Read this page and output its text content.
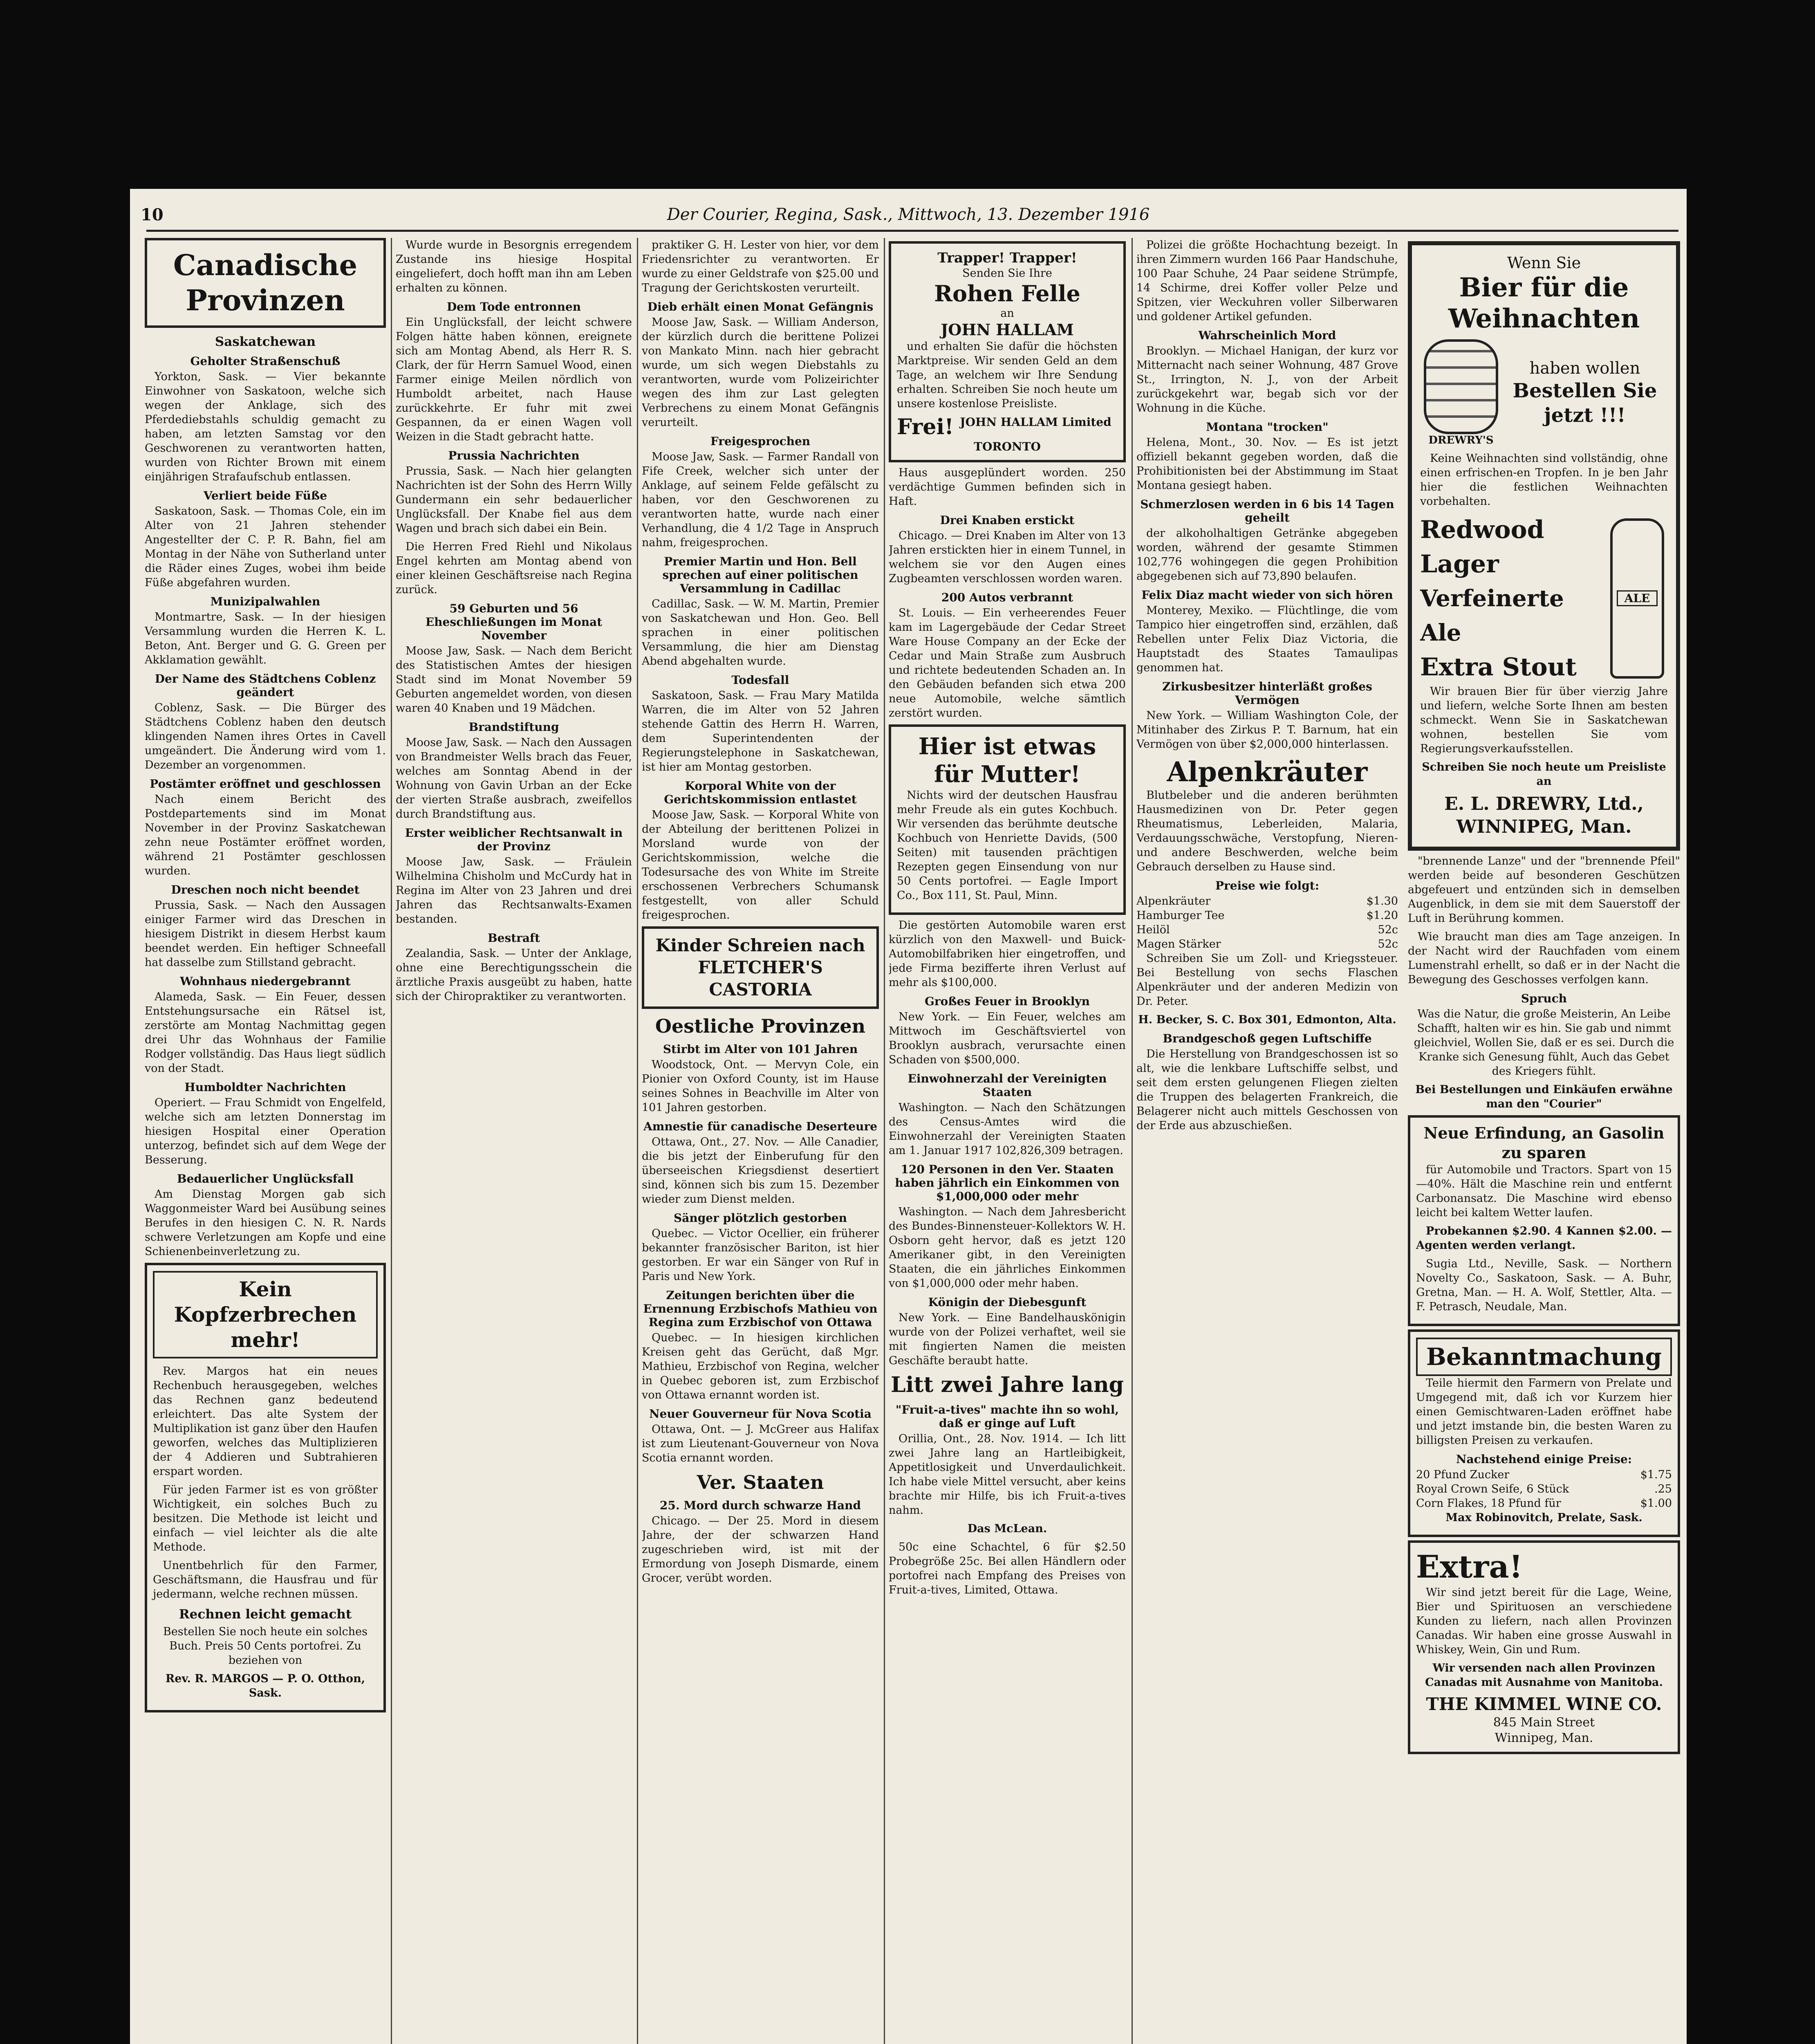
10	Der Courier, Regina, Sask., Mittwoch, 13. Dezember 1916
Canadische Provinzen
Saskatchewan
Geholter Straßenschuß

Yorkton, Sask. — Vier bekannte Einwohner von Saskatoon, welche sich wegen der Anklage, sich des Pferdediebstahls schuldig gemacht zu haben, am letzten Samstag vor den Geschworenen zu verantworten hatten, wurden von Richter Brown mit einem einjährigen Strafaufschub entlassen.

Verliert beide Füße

Saskatoon, Sask. — Thomas Cole, ein im Alter von 21 Jahren stehender Angestellter der C. P. R. Bahn, fiel am Montag in der Nähe von Sutherland unter die Räder eines Zuges, wobei ihm beide Füße abgefahren wurden.

Munizipalwahlen

Montmartre, Sask. — In der hiesigen Versammlung wurden die Herren K. L. Beton, Ant. Berger und G. G. Green per Akklamation gewählt.

Der Name des Städtchens Coblenz geändert

Coblenz, Sask. — Die Bürger des Städtchens Coblenz haben den deutsch klingenden Namen ihres Ortes in Cavell umgeändert. Die Änderung wird vom 1. Dezember an vorgenommen.

Postämter eröffnet und geschlossen

Nach einem Bericht des Postdepartements sind im Monat November in der Provinz Saskatchewan zehn neue Postämter eröffnet worden, während 21 Postämter geschlossen wurden.

Dreschen noch nicht beendet

Prussia, Sask. — Nach den Aussagen einiger Farmer wird das Dreschen in hiesigem Distrikt in diesem Herbst kaum beendet werden. Ein heftiger Schneefall hat dasselbe zum Stillstand gebracht.

Wohnhaus niedergebrannt

Alameda, Sask. — Ein Feuer, dessen Entstehungsursache ein Rätsel ist, zerstörte am Montag Nachmittag gegen drei Uhr das Wohnhaus der Familie Rodger vollständig. Das Haus liegt südlich von der Stadt.

Humboldter Nachrichten

Operiert. — Frau Schmidt von Engelfeld, welche sich am letzten Donnerstag im hiesigen Hospital einer Operation unterzog, befindet sich auf dem Wege der Besserung.

Bedauerlicher Unglücksfall

Am Dienstag Morgen gab sich Waggonmeister Ward bei Ausübung seines Berufes in den hiesigen C. N. R. Nards schwere Verletzungen am Kopfe und eine Schienenbeinverletzung zu.

Kein Kopfzerbrechen mehr!

Rev. Margos hat ein neues Rechenbuch herausgegeben, welches das Rechnen ganz bedeutend erleichtert. Das alte System der Multiplikation ist ganz über den Haufen geworfen, welches das Multiplizieren der 4 Addieren und Subtrahieren erspart worden.

Für jeden Farmer ist es von größter Wichtigkeit, ein solches Buch zu besitzen. Die Methode ist leicht und einfach — viel leichter als die alte Methode.

Unentbehrlich für den Farmer, Geschäftsmann, die Hausfrau und für jedermann, welche rechnen müssen.

Rechnen leicht gemacht

Bestellen Sie noch heute ein solches Buch. Preis 50 Cents portofrei. Zu beziehen von

Rev. R. MARGOS — P. O. Otthon, Sask.

Wurde wurde in Besorgnis erregendem Zustande ins hiesige Hospital eingeliefert, doch hofft man ihn am Leben erhalten zu können.

Dem Tode entronnen

Ein Unglücksfall, der leicht schwere Folgen hätte haben können, ereignete sich am Montag Abend, als Herr R. S. Clark, der für Herrn Samuel Wood, einen Farmer einige Meilen nördlich von Humboldt arbeitet, nach Hause zurückkehrte. Er fuhr mit zwei Gespannen, da er einen Wagen voll Weizen in die Stadt gebracht hatte.

Prussia Nachrichten

Prussia, Sask. — Nach hier gelangten Nachrichten ist der Sohn des Herrn Willy Gundermann ein sehr bedauerlicher Unglücksfall. Der Knabe fiel aus dem Wagen und brach sich dabei ein Bein.

Die Herren Fred Riehl und Nikolaus Engel kehrten am Montag abend von einer kleinen Geschäftsreise nach Regina zurück.

59 Geburten und 56 Eheschließungen im Monat November

Moose Jaw, Sask. — Nach dem Bericht des Statistischen Amtes der hiesigen Stadt sind im Monat November 59 Geburten angemeldet worden, von diesen waren 40 Knaben und 19 Mädchen.

Brandstiftung

Moose Jaw, Sask. — Nach den Aussagen von Brandmeister Wells brach das Feuer, welches am Sonntag Abend in der Wohnung von Gavin Urban an der Ecke der vierten Straße ausbrach, zweifellos durch Brandstiftung aus.

Erster weiblicher Rechtsanwalt in der Provinz

Moose Jaw, Sask. — Fräulein Wilhelmina Chisholm und McCurdy hat in Regina im Alter von 23 Jahren und drei Jahren das Rechtsanwalts-Examen bestanden.

Bestraft

Zealandia, Sask. — Unter der Anklage, ohne eine Berechtigungsschein die ärztliche Praxis ausgeübt zu haben, hatte sich der Chiropraktiker zu verantworten.

praktiker G. H. Lester von hier, vor dem Friedensrichter zu verantworten. Er wurde zu einer Geldstrafe von $25.00 und Tragung der Gerichtskosten verurteilt.

Dieb erhält einen Monat Gefängnis

Moose Jaw, Sask. — William Anderson, der kürzlich durch die berittene Polizei von Mankato Minn. nach hier gebracht wurde, um sich wegen Diebstahls zu verantworten, wurde vom Polizeirichter wegen des ihm zur Last gelegten Verbrechens zu einem Monat Gefängnis verurteilt.

Freigesprochen

Moose Jaw, Sask. — Farmer Randall von Fife Creek, welcher sich unter der Anklage, auf seinem Felde gefälscht zu haben, vor den Geschworenen zu verantworten hatte, wurde nach einer Verhandlung, die 4 1/2 Tage in Anspruch nahm, freigesprochen.

Premier Martin und Hon. Bell sprechen auf einer politischen Versammlung in Cadillac

Cadillac, Sask. — W. M. Martin, Premier von Saskatchewan und Hon. Geo. Bell sprachen in einer politischen Versammlung, die hier am Dienstag Abend abgehalten wurde.

Todesfall

Saskatoon, Sask. — Frau Mary Matilda Warren, die im Alter von 52 Jahren stehende Gattin des Herrn H. Warren, dem Superintendenten der Regierungstelephone in Saskatchewan, ist hier am Montag gestorben.

Korporal White von der Gerichtskommission entlastet

Moose Jaw, Sask. — Korporal White von der Abteilung der berittenen Polizei in Morsland wurde von der Gerichtskommission, welche die Todesursache des von White im Streite erschossenen Verbrechers Schumansk festgestellt, von aller Schuld freigesprochen.

Kinder Schreien nach FLETCHER'S CASTORIA
Oestliche Provinzen
Stirbt im Alter von 101 Jahren

Woodstock, Ont. — Mervyn Cole, ein Pionier von Oxford County, ist im Hause seines Sohnes in Beachville im Alter von 101 Jahren gestorben.

Amnestie für canadische Deserteure

Ottawa, Ont., 27. Nov. — Alle Canadier, die bis jetzt der Einberufung für den überseeischen Kriegsdienst desertiert sind, können sich bis zum 15. Dezember wieder zum Dienst melden.

Sänger plötzlich gestorben

Quebec. — Victor Ocellier, ein früherer bekannter französischer Bariton, ist hier gestorben. Er war ein Sänger von Ruf in Paris und New York.

Zeitungen berichten über die Ernennung Erzbischofs Mathieu von Regina zum Erzbischof von Ottawa

Quebec. — In hiesigen kirchlichen Kreisen geht das Gerücht, daß Mgr. Mathieu, Erzbischof von Regina, welcher in Quebec geboren ist, zum Erzbischof von Ottawa ernannt worden ist.

Neuer Gouverneur für Nova Scotia

Ottawa, Ont. — J. McGreer aus Halifax ist zum Lieutenant-Gouverneur von Nova Scotia ernannt worden.

Ver. Staaten
25. Mord durch schwarze Hand

Chicago. — Der 25. Mord in diesem Jahre, der der schwarzen Hand zugeschrieben wird, ist mit der Ermordung von Joseph Dismarde, einem Grocer, verübt worden.

Trapper! Trapper!
Senden Sie Ihre
Rohen Felle
an
JOHN HALLAM

und erhalten Sie dafür die höchsten Marktpreise. Wir senden Geld an dem Tage, an welchem wir Ihre Sendung erhalten. Schreiben Sie noch heute um unsere kostenlose Preisliste.

Frei! JOHN HALLAM Limited
TORONTO

Haus ausgeplündert worden. 250 verdächtige Gummen befinden sich in Haft.

Drei Knaben erstickt

Chicago. — Drei Knaben im Alter von 13 Jahren erstickten hier in einem Tunnel, in welchem sie vor den Augen eines Zugbeamten verschlossen worden waren.

200 Autos verbrannt

St. Louis. — Ein verheerendes Feuer kam im Lagergebäude der Cedar Street Ware House Company an der Ecke der Cedar und Main Straße zum Ausbruch und richtete bedeutenden Schaden an. In den Gebäuden befanden sich etwa 200 neue Automobile, welche sämtlich zerstört wurden.

Hier ist etwas für Mutter!

Nichts wird der deutschen Hausfrau mehr Freude als ein gutes Kochbuch. Wir versenden das berühmte deutsche Kochbuch von Henriette Davids, (500 Seiten) mit tausenden prächtigen Rezepten gegen Einsendung von nur 50 Cents portofrei. — Eagle Import Co., Box 111, St. Paul, Minn.

Die gestörten Automobile waren erst kürzlich von den Maxwell- und Buick-Automobilfabriken hier eingetroffen, und jede Firma bezifferte ihren Verlust auf mehr als $100,000.

Großes Feuer in Brooklyn

New York. — Ein Feuer, welches am Mittwoch im Geschäftsviertel von Brooklyn ausbrach, verursachte einen Schaden von $500,000.

Einwohnerzahl der Vereinigten Staaten

Washington. — Nach den Schätzungen des Census-Amtes wird die Einwohnerzahl der Vereinigten Staaten am 1. Januar 1917 102,826,309 betragen.

120 Personen in den Ver. Staaten haben jährlich ein Einkommen von $1,000,000 oder mehr

Washington. — Nach dem Jahresbericht des Bundes-Binnensteuer-Kollektors W. H. Osborn geht hervor, daß es jetzt 120 Amerikaner gibt, in den Vereinigten Staaten, die ein jährliches Einkommen von $1,000,000 oder mehr haben.

Königin der Diebesgunft

New York. — Eine Bandelhauskönigin wurde von der Polizei verhaftet, weil sie mit fingierten Namen die meisten Geschäfte beraubt hatte.

Litt zwei Jahre lang
"Fruit-a-tives" machte ihn so wohl, daß er ginge auf Luft

Orillia, Ont., 28. Nov. 1914. — Ich litt zwei Jahre lang an Hartleibigkeit, Appetitlosigkeit und Unverdaulichkeit. Ich habe viele Mittel versucht, aber keins brachte mir Hilfe, bis ich Fruit-a-tives nahm.

Das McLean.

50c eine Schachtel, 6 für $2.50 Probegröße 25c. Bei allen Händlern oder portofrei nach Empfang des Preises von Fruit-a-tives, Limited, Ottawa.

Polizei die größte Hochachtung bezeigt. In ihren Zimmern wurden 166 Paar Handschuhe, 100 Paar Schuhe, 24 Paar seidene Strümpfe, 14 Schirme, drei Koffer voller Pelze und Spitzen, vier Weckuhren voller Silberwaren und goldener Artikel gefunden.

Wahrscheinlich Mord

Brooklyn. — Michael Hanigan, der kurz vor Mitternacht nach seiner Wohnung, 487 Grove St., Irrington, N. J., von der Arbeit zurückgekehrt war, begab sich vor der Wohnung in die Küche.

Montana "trocken"

Helena, Mont., 30. Nov. — Es ist jetzt offiziell bekannt gegeben worden, daß die Prohibitionisten bei der Abstimmung im Staat Montana gesiegt haben.

Schmerzlosen werden in 6 bis 14 Tagen geheilt

der alkoholhaltigen Getränke abgegeben worden, während der gesamte Stimmen 102,776 wohingegen die gegen Prohibition abgegebenen sich auf 73,890 belaufen.

Felix Diaz macht wieder von sich hören

Monterey, Mexiko. — Flüchtlinge, die vom Tampico hier eingetroffen sind, erzählen, daß Rebellen unter Felix Diaz Victoria, die Hauptstadt des Staates Tamaulipas genommen hat.

Zirkusbesitzer hinterläßt großes Vermögen

New York. — William Washington Cole, der Mitinhaber des Zirkus P. T. Barnum, hat ein Vermögen von über $2,000,000 hinterlassen.

Alpenkräuter

Blutbeleber und die anderen berühmten Hausmedizinen von Dr. Peter gegen Rheumatismus, Leberleiden, Malaria, Verdauungsschwäche, Verstopfung, Nieren- und andere Beschwerden, welche beim Gebrauch derselben zu Hause sind.

Preise wie folgt:
Alpenkräuter	$1.30
Hamburger Tee	$1.20
Heilöl	52c
Magen Stärker	52c

Schreiben Sie um Zoll- und Kriegssteuer. Bei Bestellung von sechs Flaschen Alpenkräuter und der anderen Medizin von Dr. Peter.

H. Becker, S. C. Box 301, Edmonton, Alta.

Brandgeschoß gegen Luftschiffe

Die Herstellung von Brandgeschossen ist so alt, wie die lenkbare Luftschiffe selbst, und seit dem ersten gelungenen Fliegen zielten die Truppen des belagerten Frankreich, die Belagerer nicht auch mittels Geschossen von der Erde aus abzuschießen.

Wenn Sie
Bier für die Weihnachten
DREWRY'S
haben wollen
Bestellen Sie jetzt !!!

Keine Weihnachten sind vollständig, ohne einen erfrischen-en Tropfen. In je ben Jahr hier die festlichen Weihnachten vorbehalten.

Redwood Lager
Verfeinerte Ale
Extra Stout
ALE

Wir brauen Bier für über vierzig Jahre und liefern, welche Sorte Ihnen am besten schmeckt. Wenn Sie in Saskatchewan wohnen, bestellen Sie vom Regierungsverkaufsstellen.

Schreiben Sie noch heute um Preisliste an

E. L. DREWRY, Ltd., WINNIPEG, Man.

"brennende Lanze" und der "brennende Pfeil" werden beide auf besonderen Geschützen abgefeuert und entzünden sich in demselben Augenblick, in dem sie mit dem Sauerstoff der Luft in Berührung kommen.

Wie braucht man dies am Tage anzeigen. In der Nacht wird der Rauchfaden vom einem Lumenstrahl erhellt, so daß er in der Nacht die Bewegung des Geschosses verfolgen kann.

Spruch

Was die Natur, die große Meisterin, An Leibe Schafft, halten wir es hin. Sie gab und nimmt gleichviel, Wollen Sie, daß er es sei. Durch die Kranke sich Genesung fühlt, Auch das Gebet des Kriegers fühlt.

Bei Bestellungen und Einkäufen erwähne man den "Courier"

Neue Erfindung, an Gasolin zu sparen

für Automobile und Tractors. Spart von 15—40%. Hält die Maschine rein und entfernt Carbonansatz. Die Maschine wird ebenso leicht bei kaltem Wetter laufen.

Probekannen $2.90. 4 Kannen $2.00. — Agenten werden verlangt.

Sugia Ltd., Neville, Sask. — Northern Novelty Co., Saskatoon, Sask. — A. Buhr, Gretna, Man. — H. A. Wolf, Stettler, Alta. — F. Petrasch, Neudale, Man.

Bekanntmachung

Teile hiermit den Farmern von Prelate und Umgegend mit, daß ich vor Kurzem hier einen Gemischtwaren-Laden eröffnet habe und jetzt imstande bin, die besten Waren zu billigsten Preisen zu verkaufen.

Nachstehend einige Preise:
20 Pfund Zucker	$1.75
Royal Crown Seife, 6 Stück	.25
Corn Flakes, 18 Pfund für	$1.00

Max Robinovitch, Prelate, Sask.

Extra!

Wir sind jetzt bereit für die Lage, Weine, Bier und Spirituosen an verschiedene Kunden zu liefern, nach allen Provinzen Canadas. Wir haben eine grosse Auswahl in Whiskey, Wein, Gin und Rum.

Wir versenden nach allen Provinzen Canadas mit Ausnahme von Manitoba.

THE KIMMEL WINE CO.
845 Main Street
Winnipeg, Man.
